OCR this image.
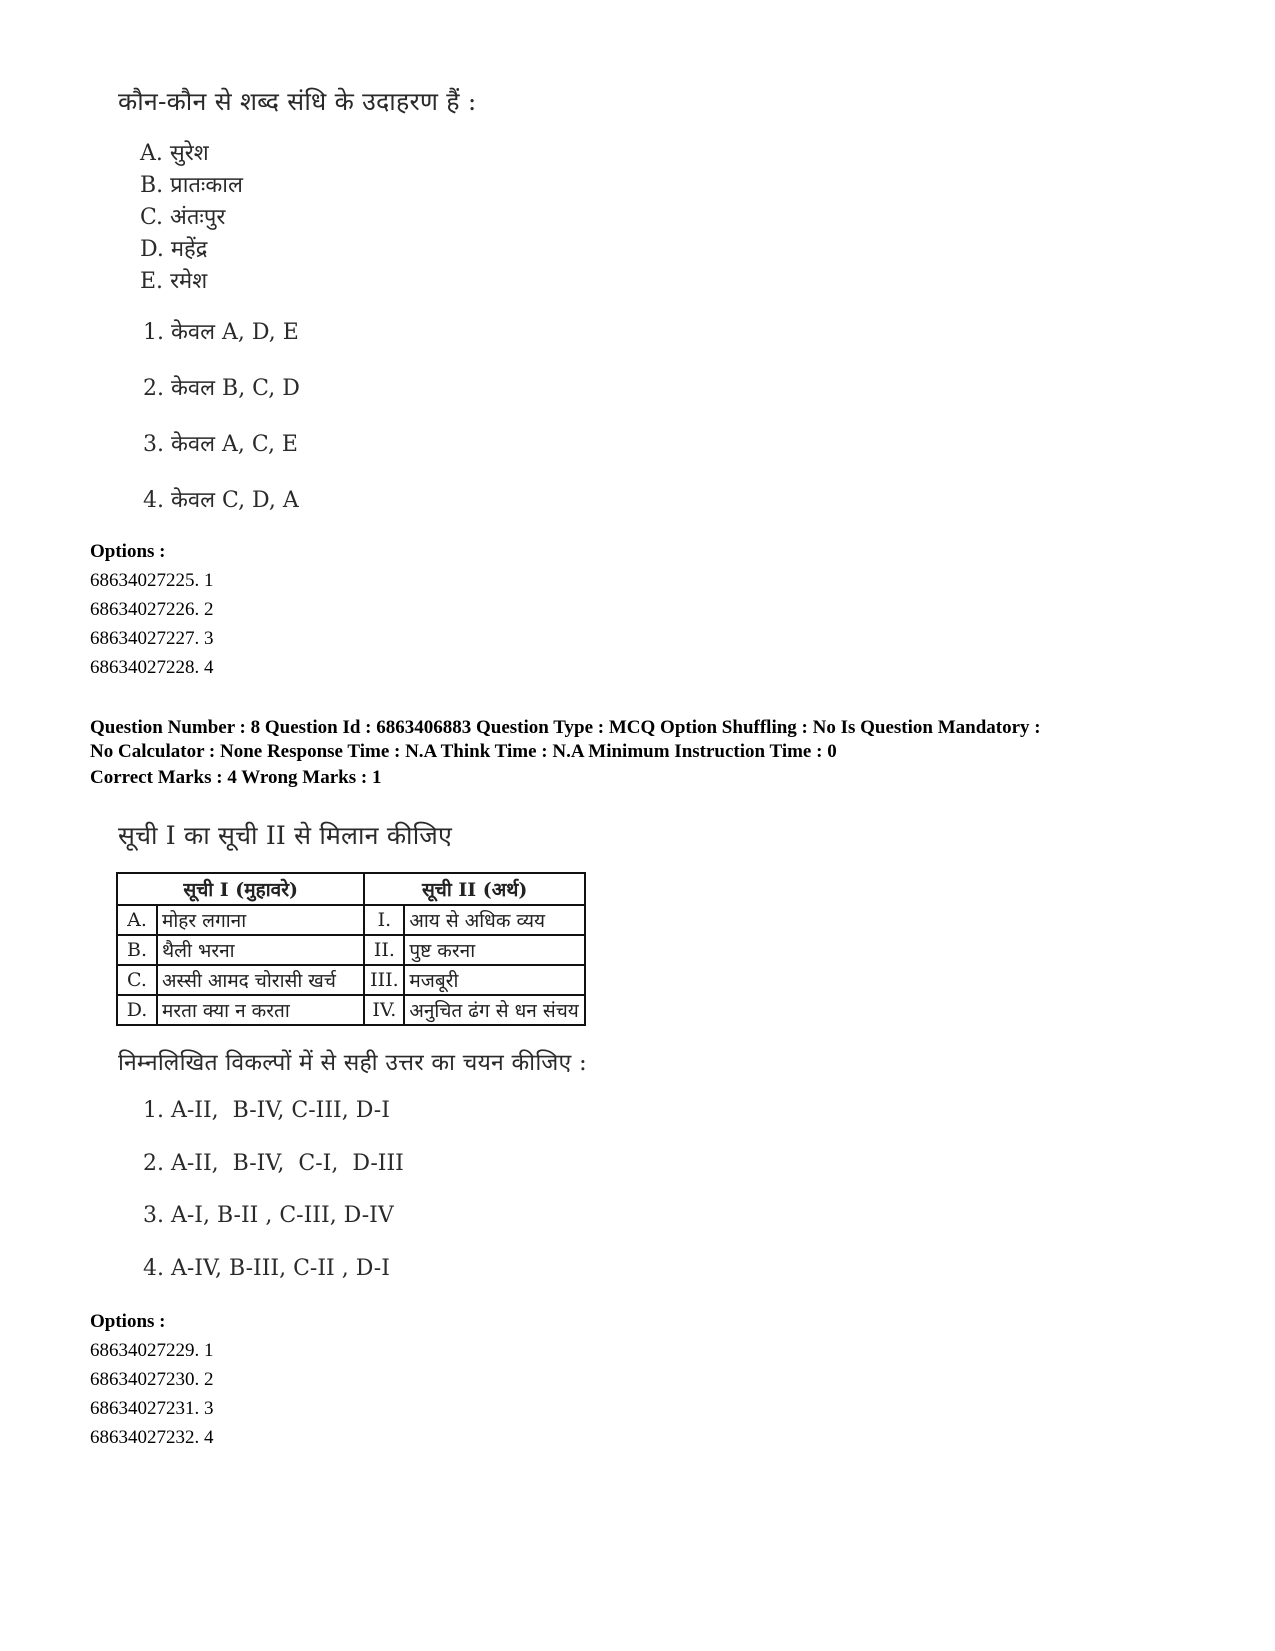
कौन-कौन से शब्द संधि के उदाहरण हैं :
A. सुरेश
B. प्रातःकाल
C. अंतःपुर
D. महेंद्र
E. रमेश
1. केवल A, D, E
2. केवल B, C, D
3. केवल A, C, E
4. केवल C, D, A
Options :
68634027225. 1
68634027226. 2
68634027227. 3
68634027228. 4
Question Number : 8 Question Id : 6863406883 Question Type : MCQ Option Shuffling : No Is Question Mandatory :
No Calculator : None Response Time : N.A Think Time : N.A Minimum Instruction Time : 0
Correct Marks : 4 Wrong Marks : 1
सूची I का सूची II से मिलान कीजिए
सूची I (मुहावरे)		सूची II (अर्थ)	
A.	मोहर लगाना	I.	आय से अधिक व्यय
B.	थैली भरना	II.	पुष्ट करना
C.	अस्सी आमद चोरासी खर्च	III.	मजबूरी
D.	मरता क्या न करता	IV.	अनुचित ढंग से धन संचय
निम्नलिखित विकल्पों में से सही उत्तर का चयन कीजिए :
1. A-II,  B-IV, C-III, D-I
2. A-II,  B-IV,  C-I,  D-III
3. A-I, B-II , C-III, D-IV
4. A-IV, B-III, C-II , D-I
Options :
68634027229. 1
68634027230. 2
68634027231. 3
68634027232. 4
